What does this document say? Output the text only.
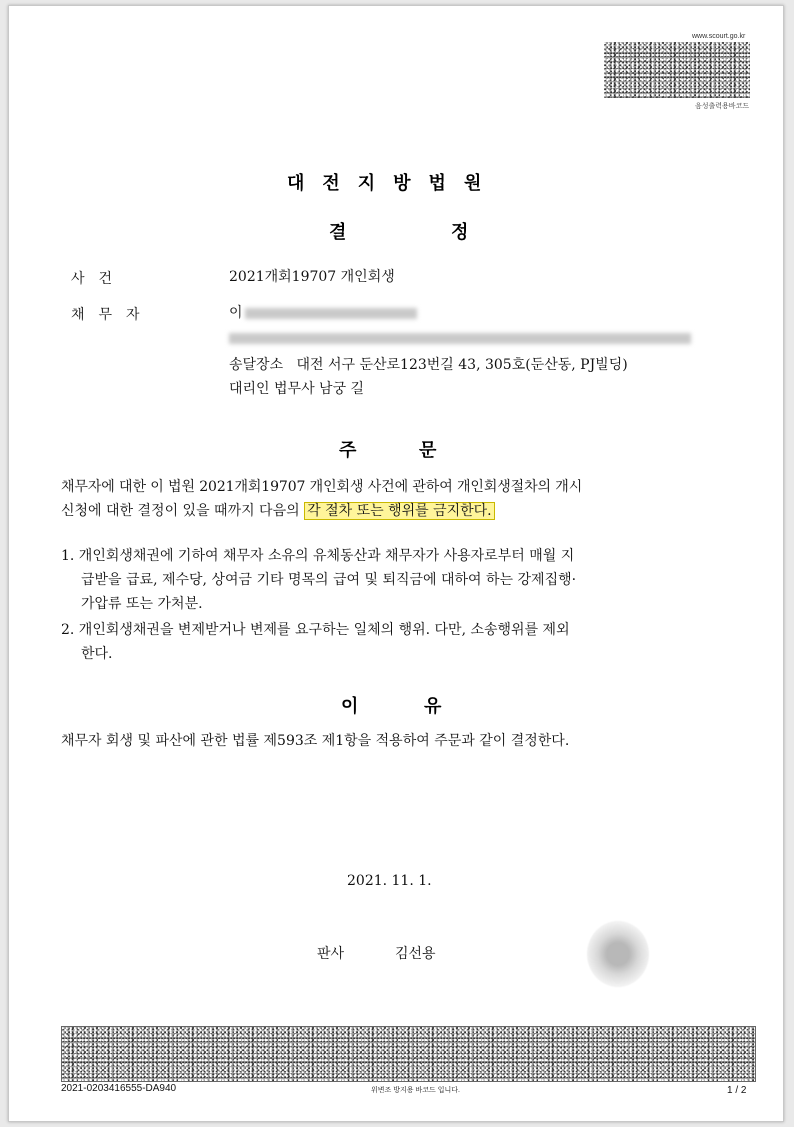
www.scourt.go.kr
음성출력용바코드
대전지방법원
결	정
사건	2021개회19707 개인회생
채무자	이
송달장소 대전 서구 둔산로123번길 43, 305호(둔산동, PJ빌딩)
대리인 법무사 남궁 길
주	문
채무자에 대한 이 법원 2021개회19707 개인회생 사건에 관하여 개인회생절차의 개시
신청에 대한 결정이 있을 때까지 다음의 각 절차 또는 행위를 금지한다.
1. 개인회생채권에 기하여 채무자 소유의 유체동산과 채무자가 사용자로부터 매월 지
급받을 급료, 제수당, 상여금 기타 명목의 급여 및 퇴직금에 대하여 하는 강제집행·
가압류 또는 가처분.
2. 개인회생채권을 변제받거나 변제를 요구하는 일체의 행위. 다만, 소송행위를 제외
한다.
이	유
채무자 회생 및 파산에 관한 법률 제593조 제1항을 적용하여 주문과 같이 결정한다.
2021. 11. 1.
판사	김선용
2021-0203416555-DA940	위변조 방지용 바코드 입니다.	1 / 2
